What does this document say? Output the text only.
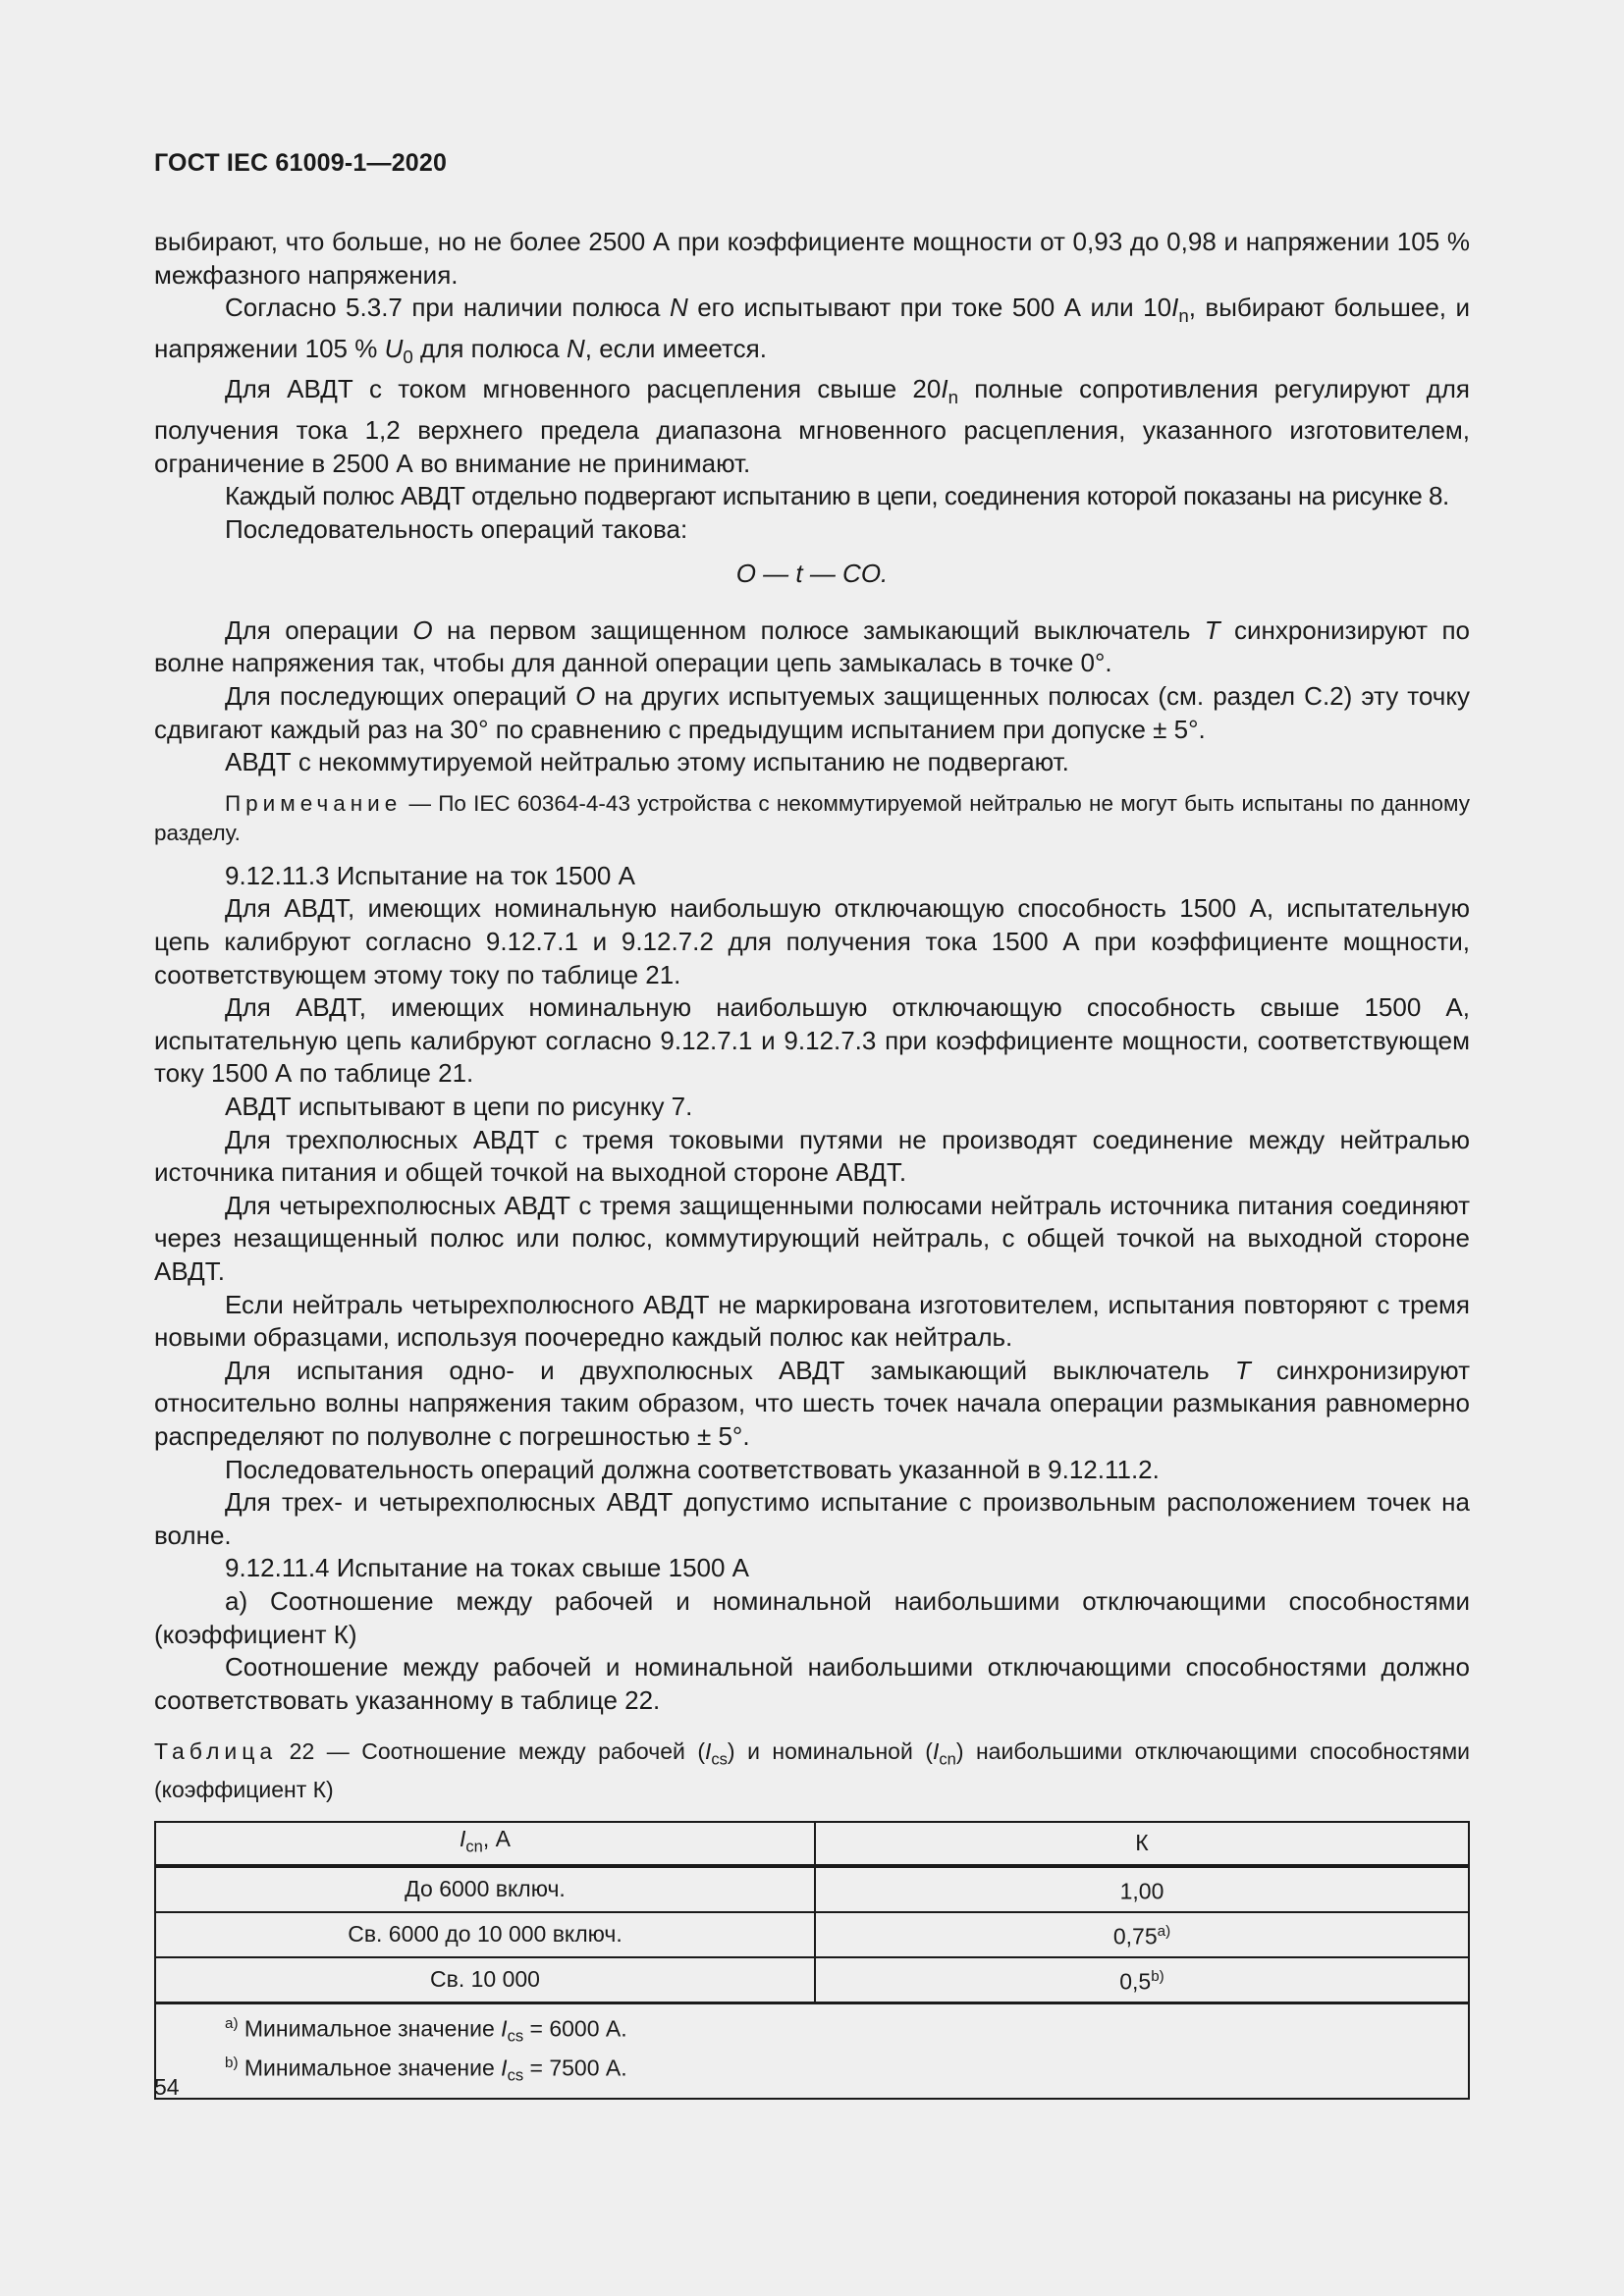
ГОСТ IEC 61009-1—2020

выбирают, что больше, но не более 2500 А при коэффициенте мощности от 0,93 до 0,98 и напряжении 105 % межфазного напряжения.

Согласно 5.3.7 при наличии полюса N его испытывают при токе 500 А или $10I_n$, выбирают большее, и напряжении 105 % $U_0$ для полюса N, если имеется.

Для АВДТ с током мгновенного расцепления свыше $20I_n$ полные сопротивления регулируют для получения тока 1,2 верхнего предела диапазона мгновенного расцепления, указанного изготовителем, ограничение в 2500 А во внимание не принимают.

Каждый полюс АВДТ отдельно подвергают испытанию в цепи, соединения которой показаны на рисунке 8.

Последовательность операций такова:

O — t — CO.

Для операции O на первом защищенном полюсе замыкающий выключатель T синхронизируют по волне напряжения так, чтобы для данной операции цепь замыкалась в точке 0°.

Для последующих операций O на других испытуемых защищенных полюсах (см. раздел С.2) эту точку сдвигают каждый раз на 30° по сравнению с предыдущим испытанием при допуске ± 5°.

АВДТ с некоммутируемой нейтралью этому испытанию не подвергают.

Примечание — По IEC 60364-4-43 устройства с некоммутируемой нейтралью не могут быть испытаны по данному разделу.

9.12.11.3 Испытание на ток 1500 А

Для АВДТ, имеющих номинальную наибольшую отключающую способность 1500 А, испытательную цепь калибруют согласно 9.12.7.1 и 9.12.7.2 для получения тока 1500 А при коэффициенте мощности, соответствующем этому току по таблице 21.

Для АВДТ, имеющих номинальную наибольшую отключающую способность свыше 1500 А, испытательную цепь калибруют согласно 9.12.7.1 и 9.12.7.3 при коэффициенте мощности, соответствующем току 1500 А по таблице 21.

АВДТ испытывают в цепи по рисунку 7.

Для трехполюсных АВДТ с тремя токовыми путями не производят соединение между нейтралью источника питания и общей точкой на выходной стороне АВДТ.

Для четырехполюсных АВДТ с тремя защищенными полюсами нейтраль источника питания соединяют через незащищенный полюс или полюс, коммутирующий нейтраль, с общей точкой на выходной стороне АВДТ.

Если нейтраль четырехполюсного АВДТ не маркирована изготовителем, испытания повторяют с тремя новыми образцами, используя поочередно каждый полюс как нейтраль.

Для испытания одно- и двухполюсных АВДТ замыкающий выключатель T синхронизируют относительно волны напряжения таким образом, что шесть точек начала операции размыкания равномерно распределяют по полуволне с погрешностью ± 5°.

Последовательность операций должна соответствовать указанной в 9.12.11.2.

Для трех- и четырехполюсных АВДТ допустимо испытание с произвольным расположением точек на волне.

9.12.11.4 Испытание на токах свыше 1500 А

а) Соотношение между рабочей и номинальной наибольшими отключающими способностями (коэффициент К)

Соотношение между рабочей и номинальной наибольшими отключающими способностями должно соответствовать указанному в таблице 22.

Таблица 22 — Соотношение между рабочей $(I_{cs})$ и номинальной $(I_{cn})$ наибольшими отключающими способностями (коэффициент К)

$I_{cn}$, А	К
До 6000 включ.	1,00
Св. 6000 до 10 000 включ.	0,75$^{a)}$
Св. 10 000	0,5$^{b)}$

$^{a)}$ Минимальное значение $I_{cs} = 6000$ А.
$^{b)}$ Минимальное значение $I_{cs} = 7500$ А.	
54
